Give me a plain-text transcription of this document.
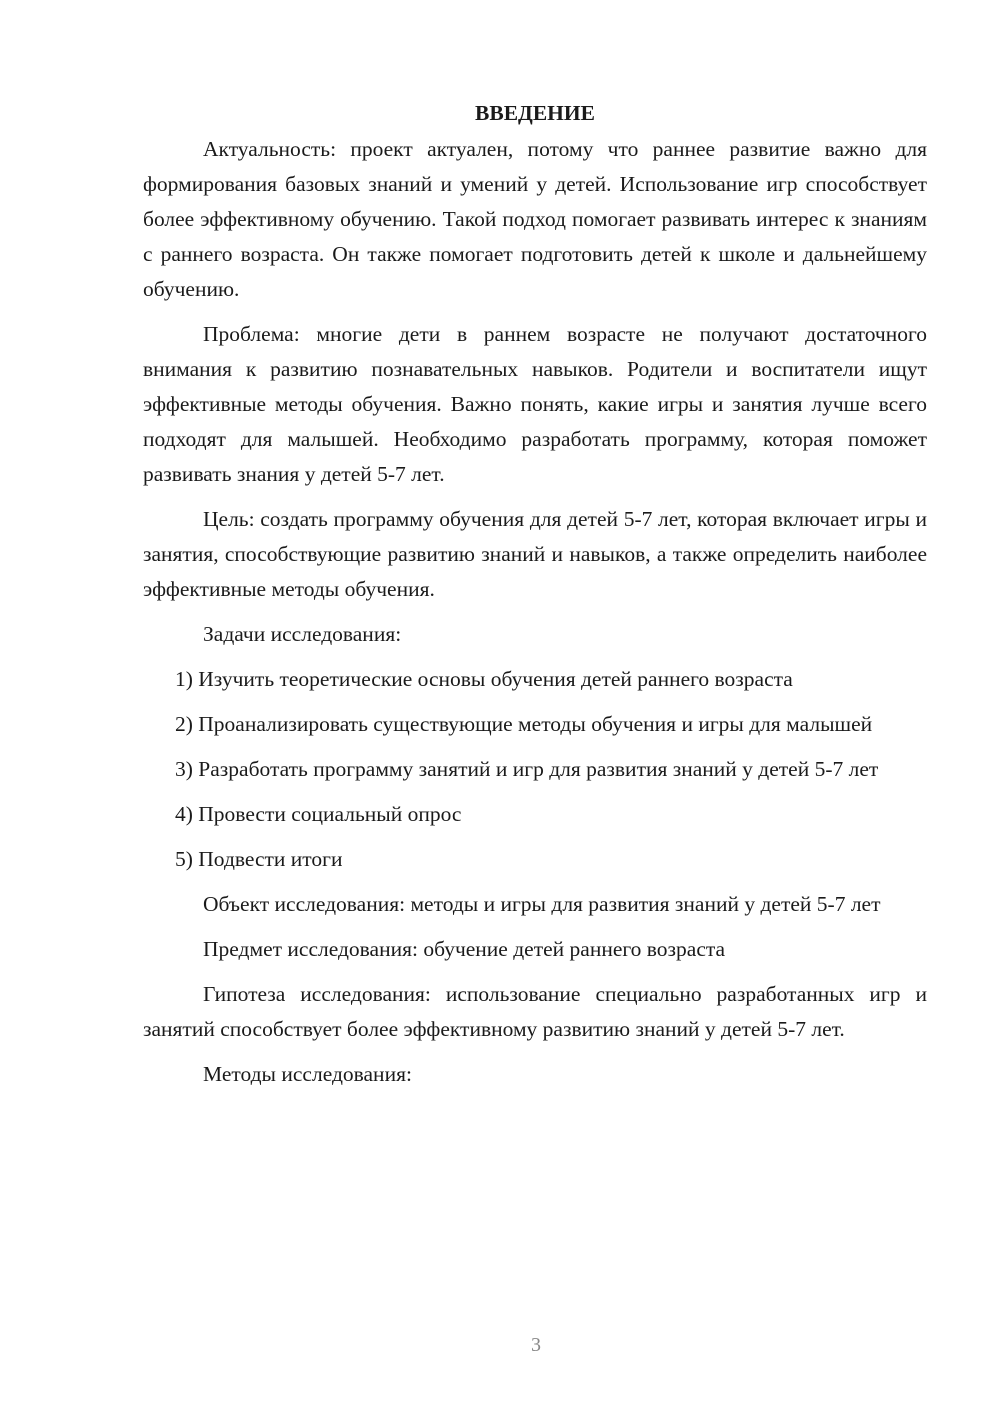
ВВЕДЕНИЕ

Актуальность: проект актуален, потому что раннее развитие важно для формирования базовых знаний и умений у детей. Использование игр способствует более эффективному обучению. Такой подход помогает развивать интерес к знаниям с раннего возраста. Он также помогает подготовить детей к школе и дальнейшему обучению.

Проблема: многие дети в раннем возрасте не получают достаточного внимания к развитию познавательных навыков. Родители и воспитатели ищут эффективные методы обучения. Важно понять, какие игры и занятия лучше всего подходят для малышей. Необходимо разработать программу, которая поможет развивать знания у детей 5-7 лет.

Цель: создать программу обучения для детей 5-7 лет, которая включает игры и занятия, способствующие развитию знаний и навыков, а также определить наиболее эффективные методы обучения.

Задачи исследования:

1) Изучить теоретические основы обучения детей раннего возраста

2) Проанализировать существующие методы обучения и игры для малышей

3) Разработать программу занятий и игр для развития знаний у детей 5-7 лет

4) Провести социальный опрос

5) Подвести итоги

Объект исследования: методы и игры для развития знаний у детей 5-7 лет

Предмет исследования: обучение детей раннего возраста

Гипотеза исследования: использование специально разработанных игр и занятий способствует более эффективному развитию знаний у детей 5-7 лет.

Методы исследования:

3
